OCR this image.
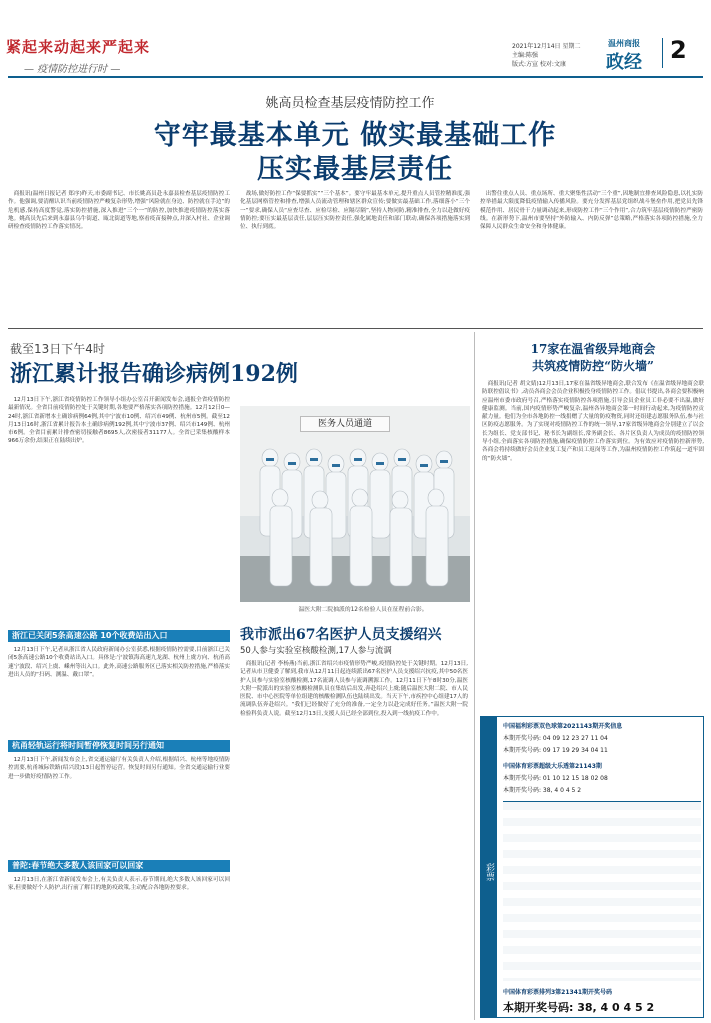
紧起来动起来严起来
— 疫情防控进行时 —
2021年12月14日 星期二
主编:陈强
版式:方宣 校对:文康
温州商报
政经 2
姚高员检查基层疫情防控工作
守牢最基本单元 做实最基础工作
压实最基层责任

商报讯(温州日报记者 郑序)昨天,市委副书记、市长姚高员赴永嘉县检查基层疫情防控工作。他强调,要清醒认识当前疫情防控严峻复杂形势,增强“风险就在身边、防控就在手边”的危机感,保持高度警觉,落实防控措施,深入推进“三个一”的防控,加快推进疫情防控落实落地。姚高员先后来到永嘉县乌牛街道、瓯北街道等地,察看疫苗接种点,并深入村社、企业调研检查疫情防控工作落实情况。

战场,做好防控工作“保要抓实”“三个基本”。要守牢最基本单元,提升重点人员管控精准度,强化基层网格管控和排查,增强人员流动管理和辖区群众宣传;要做实最基础工作,落细落小“三个一”要求,确保人员“应查尽查、应检尽检、应隔尽隔”,坚持人物同防,精准排查,全力以赴做好疫情防控;要压实最基层责任,层层压实防控责任,强化属地责任和部门联动,确保各项措施落实到位、执行到底。

出警住重点人员、重点场所、重大聚集性活动“三个重”,因地制宜排查风险隐患,以扎实防控举措最大限度降低疫情输入传播风险。要充分发挥基层党组织战斗堡垒作用,把党员先锋模范作用、居民骨干力量调动起来,形成防控工作“三个作用”,合力筑牢基层疫情防控严密防线。在新形势下,温州市要坚持“外防输入、内防反弹”总策略,严格落实各项防控措施,全力保障人民群众生命安全和身体健康。

截至13日下午4时
浙江累计报告确诊病例192例

12月13日下午,浙江省疫情防控工作领导小组办公室召开新闻发布会,通报全省疫情防控最新情况。全省目前疫情防控处于关键时期,各地要严格落实各项防控措施。12月12日0—24时,浙江省新增本土确诊病例64例,其中宁波市10例、绍兴市49例、杭州市5例。截至12月13日16时,浙江省累计报告本土确诊病例192例,其中宁波市37例、绍兴市149例、杭州市6例。全省目前累计排查密切接触者8695人,次密接者31177人。全省已采集核酸样本966万余份,结果正在陆续出炉。

浙江已关闭5条高速公路 10个收费站出入口

12月13日下午,记者从浙江省人民政府新闻办公室获悉,根据疫情防控需要,目前浙江已关闭5条高速公路10个收费站出入口。具体是:宁波镇海高速九龙湖、杭州上虞方向、杭甬高速宁波段、绍兴上虞、嵊州等出入口。此外,高速公路服务区已落实相关防控措施,严格落实进出人员的“扫码、测温、戴口罩”。

杭甬轻轨运行将时间暂停恢复时间另行通知

12月13日下午,新闻发布会上,省交通运输厅有关负责人介绍,根据绍兴、杭州等地疫情防控需要,杭甬城际铁路(绍兴段)13日起暂停运营。恢复时间另行通知。全省交通运输行业要进一步做好疫情防控工作。

普陀:春节绝大多数人该回家可以回家

12月13日,在浙江省新闻发布会上,有关负责人表示,春节期间,绝大多数人该回家可以回家,但要做好个人防护,出行前了解目的地防疫政策,主动配合各地防控要求。

医务人员通道
温医大附二院抽派的12名检验人员在征程前合影。
我市派出67名医护人员支援绍兴
50人参与实验室核酸检测,17人参与流调

商报讯(记者 李杨燕)当前,浙江省绍兴市疫情形势严峻,疫情防控处于关键时期。12月13日,记者从市卫健委了解到,我市从12月11日起连续派出67名医护人员支援绍兴抗疫,其中50名医护人员参与实验室核酸检测,17名流调人员参与流调溯源工作。12月11日下午8时30分,温医大附一院派出的实验室核酸检测队员在集结后出发,奔赴绍兴上虞;随后温医大附二院、市人民医院、市中心医院等单位组建的核酸检测队伍也陆续出发。当天下午,市疾控中心组建17人的流调队伍奔赴绍兴。“我们已经做好了充分的准备,一定全力以赴完成好任务。”温医大附一院检验科负责人说。截至12月13日,支援人员已经全部到位,投入到一线抗疫工作中。

17家在温省级异地商会
共筑疫情防控“防火墙”

商报讯(记者 胡文婧)12月13日,17家在温省级异地商会,联合发布《在温省级异地商会联防联控倡议书》,动员各商会会员企业积极投身疫情防控工作。倡议书提出,各商会要积极响应温州市委市政府号召,严格落实疫情防控各项措施,引导会员企业员工非必要不出温,做好健康监测。当前,国内疫情形势严峻复杂,温州各异地商会第一时间行动起来,为疫情防控贡献力量。他们为全市各地防控一线捐赠了大量的防疫物资,同时还组建志愿服务队伍,参与社区防疫志愿服务。为了实现对疫情防控工作的统一领导,17家省级异地商会分别建立了以会长为组长、党支部书记、秘书长为副组长,常务副会长、各片区负责人为成员的疫情防控领导小组,全面落实各项防控措施,确保疫情防控工作落实到位。为有效应对疫情防控新形势,各商会将持续做好会员企业复工复产和员工返岗等工作,为温州疫情防控工作筑起一道牢固的“防火墙”。

彩票
中国福利彩票双色球第2021143期开奖信息
本期开奖号码: 04 09 12 23 27 11 04
本期开奖号码: 09 17 19 29 34 04 11
中国体育彩票超级大乐透第21143期
本期开奖号码: 01 10 12 15 18 02 08
本期开奖号码: 38, 4 0 4 5 2
中国体育彩票排列3第21341期开奖号码
本期开奖号码: 38, 4 0 4 5 2
